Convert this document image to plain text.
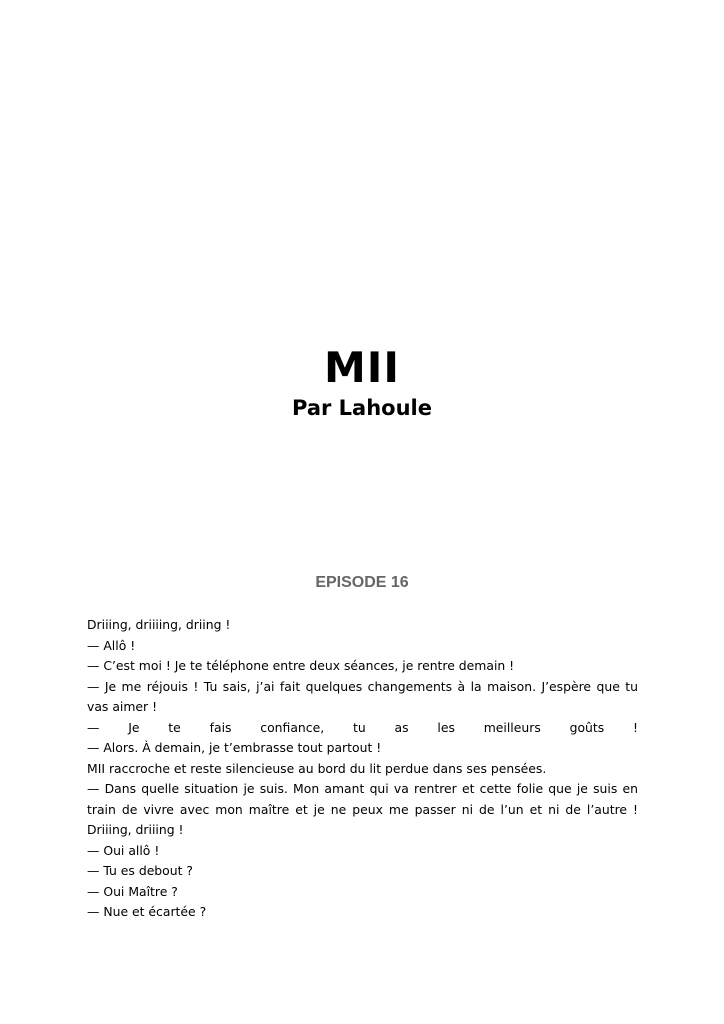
MII
Par Lahoule
EPISODE 16

Driiing, driiiing, driing !

— Allô !

— C’est moi ! Je te téléphone entre deux séances, je rentre demain !

— Je me réjouis ! Tu sais, j’ai fait quelques changements à la maison. J’espère que tu vas aimer !

— Je te fais confiance, tu as les meilleurs goûts !

— Alors. À demain, je t’embrasse tout partout !

MII raccroche et reste silencieuse au bord du lit perdue dans ses pensées.

— Dans quelle situation je suis. Mon amant qui va rentrer et cette folie que je suis en train de vivre avec mon maître et je ne peux me passer ni de l’un et ni de l’autre !

Driiing, driiing !

— Oui allô !

— Tu es debout ?

— Oui Maître ?

— Nue et écartée ?
